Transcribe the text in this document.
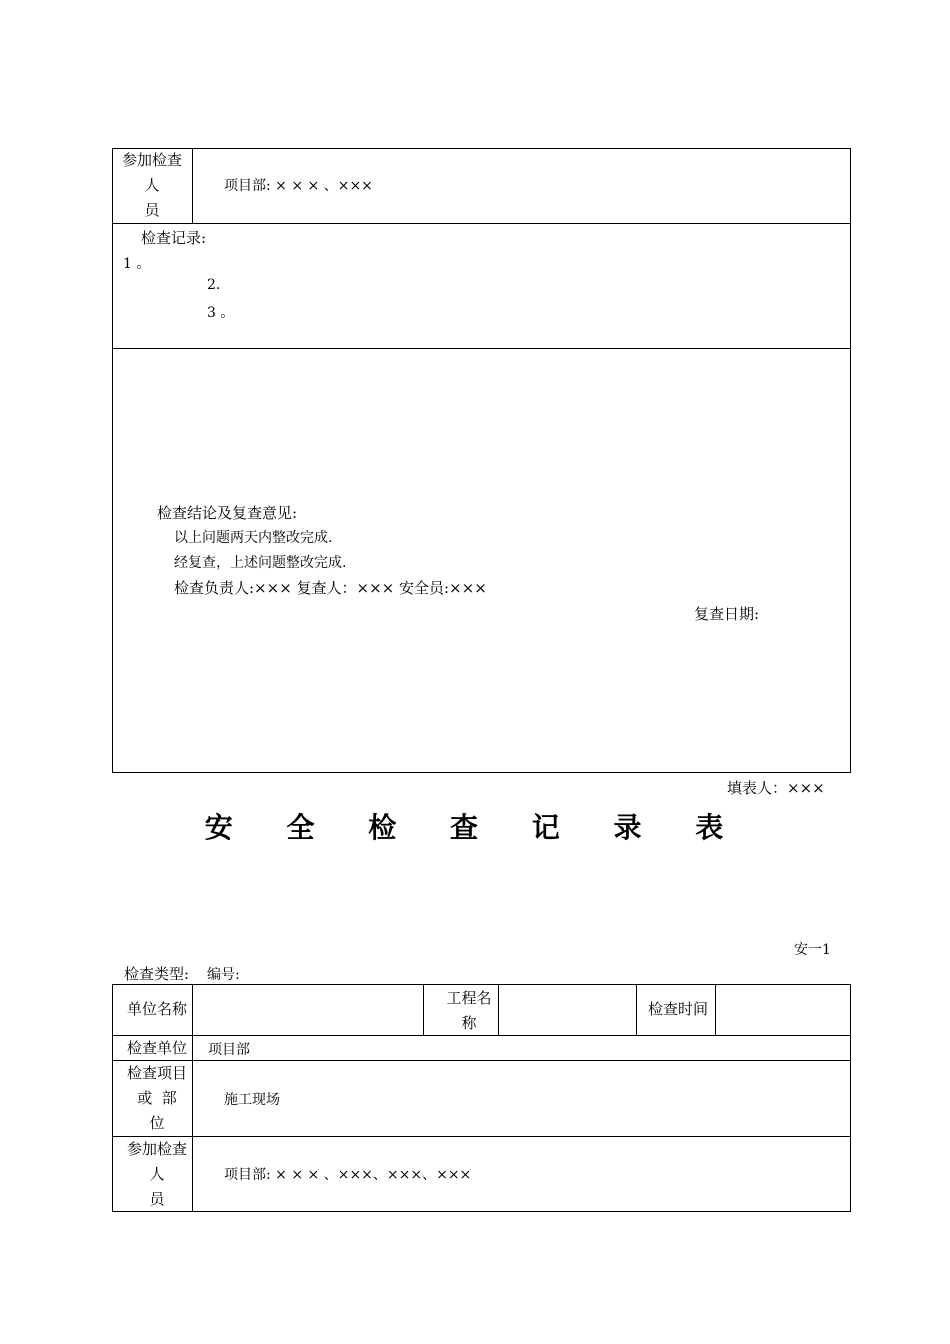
参加检查
人
员
项目部: × × × 、×××
检查记录:
1 。
2.
3 。
检查结论及复查意见:
以上问题两天内整改完成.
经复查，上述问题整改完成.
检查负责人:××× 复查人：××× 安全员:×××
复查日期:
填表人：×××
安 全 检 查 记 录 表
安一1
检查类型: 编号:
单位名称
工程名
称
检查时间
检查单位	项目部
检查项目
或  部
位
施工现场
参加检查
人
员
项目部: × × × 、×××、×××、×××
